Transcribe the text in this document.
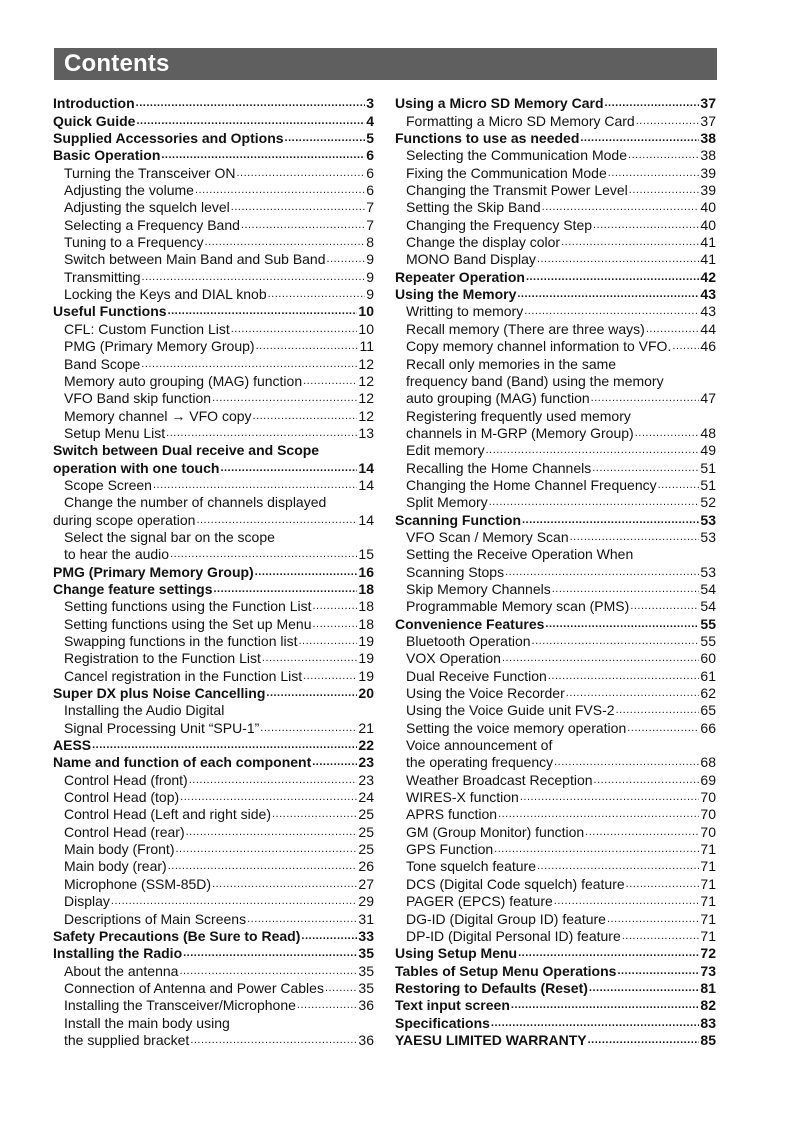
Contents
Introduction .....	3
Quick Guide .....	4
Supplied Accessories and Options .....	5
Basic Operation .....	6
Turning the Transceiver ON .....	6
Adjusting the volume .....	6
Adjusting the squelch level .....	7
Selecting a Frequency Band .....	7
Tuning to a Frequency .....	8
Switch between Main Band and Sub Band .....	9
Transmitting .....	9
Locking the Keys and DIAL knob .....	9
Useful Functions .....	10
CFL: Custom Function List .....	10
PMG (Primary Memory Group) .....	11
Band Scope .....	12
Memory auto grouping (MAG) function .....	12
VFO Band skip function .....	12
Memory channel → VFO copy .....	12
Setup Menu List .....	13
Switch between Dual receive and Scope
operation with one touch .....	14
Scope Screen .....	14
Change the number of channels displayed
during scope operation .....	14
Select the signal bar on the scope
to hear the audio .....	15
PMG (Primary Memory Group) .....	16
Change feature settings .....	18
Setting functions using the Function List .....	18
Setting functions using the Set up Menu .....	18
Swapping functions in the function list .....	19
Registration to the Function List .....	19
Cancel registration in the Function List .....	19
Super DX plus Noise Cancelling .....	20
Installing the Audio Digital
Signal Processing Unit “SPU-1” .....	21
AESS .....	22
Name and function of each component .....	23
Control Head (front) .....	23
Control Head (top) .....	24
Control Head (Left and right side) .....	25
Control Head (rear) .....	25
Main body (Front) .....	25
Main body (rear) .....	26
Microphone (SSM-85D) .....	27
Display .....	29
Descriptions of Main Screens .....	31
Safety Precautions (Be Sure to Read) .....	33
Installing the Radio .....	35
About the antenna .....	35
Connection of Antenna and Power Cables ..... 35
Installing the Transceiver/Microphone .....	36
Install the main body using
the supplied bracket .....	36
Using a Micro SD Memory Card .....	37
Formatting a Micro SD Memory Card .....	37
Functions to use as needed .....	38
Selecting the Communication Mode .....	38
Fixing the Communication Mode .....	39
Changing the Transmit Power Level .....	39
Setting the Skip Band .....	40
Changing the Frequency Step .....	40
Change the display color .....	41
MONO Band Display .....	41
Repeater Operation .....	42
Using the Memory .....	43
Writting to memory .....	43
Recall memory (There are three ways) .....	44
Copy memory channel information to VFO. ..... 46
Recall only memories in the same
frequency band (Band) using the memory
auto grouping (MAG) function .....	47
Registering frequently used memory
channels in M-GRP (Memory Group) .....	48
Edit memory .....	49
Recalling the Home Channels .....	51
Changing the Home Channel Frequency .....	51
Split Memory .....	52
Scanning Function .....	53
VFO Scan / Memory Scan .....	53
Setting the Receive Operation When
Scanning Stops .....	53
Skip Memory Channels .....	54
Programmable Memory scan (PMS) .....	54
Convenience Features .....	55
Bluetooth Operation .....	55
VOX Operation .....	60
Dual Receive Function .....	61
Using the Voice Recorder .....	62
Using the Voice Guide unit FVS-2 .....	65
Setting the voice memory operation .....	66
Voice announcement of
the operating frequency .....	68
Weather Broadcast Reception .....	69
WIRES-X function .....	70
APRS function .....	70
GM (Group Monitor) function .....	70
GPS Function .....	71
Tone squelch feature .....	71
DCS (Digital Code squelch) feature .....	71
PAGER (EPCS) feature .....	71
DG-ID (Digital Group ID) feature .....	71
DP-ID (Digital Personal ID) feature .....	71
Using Setup Menu .....	72
Tables of Setup Menu Operations .....	73
Restoring to Defaults (Reset) .....	81
Text input screen .....	82
Specifications .....	83
YAESU LIMITED WARRANTY .....	85
